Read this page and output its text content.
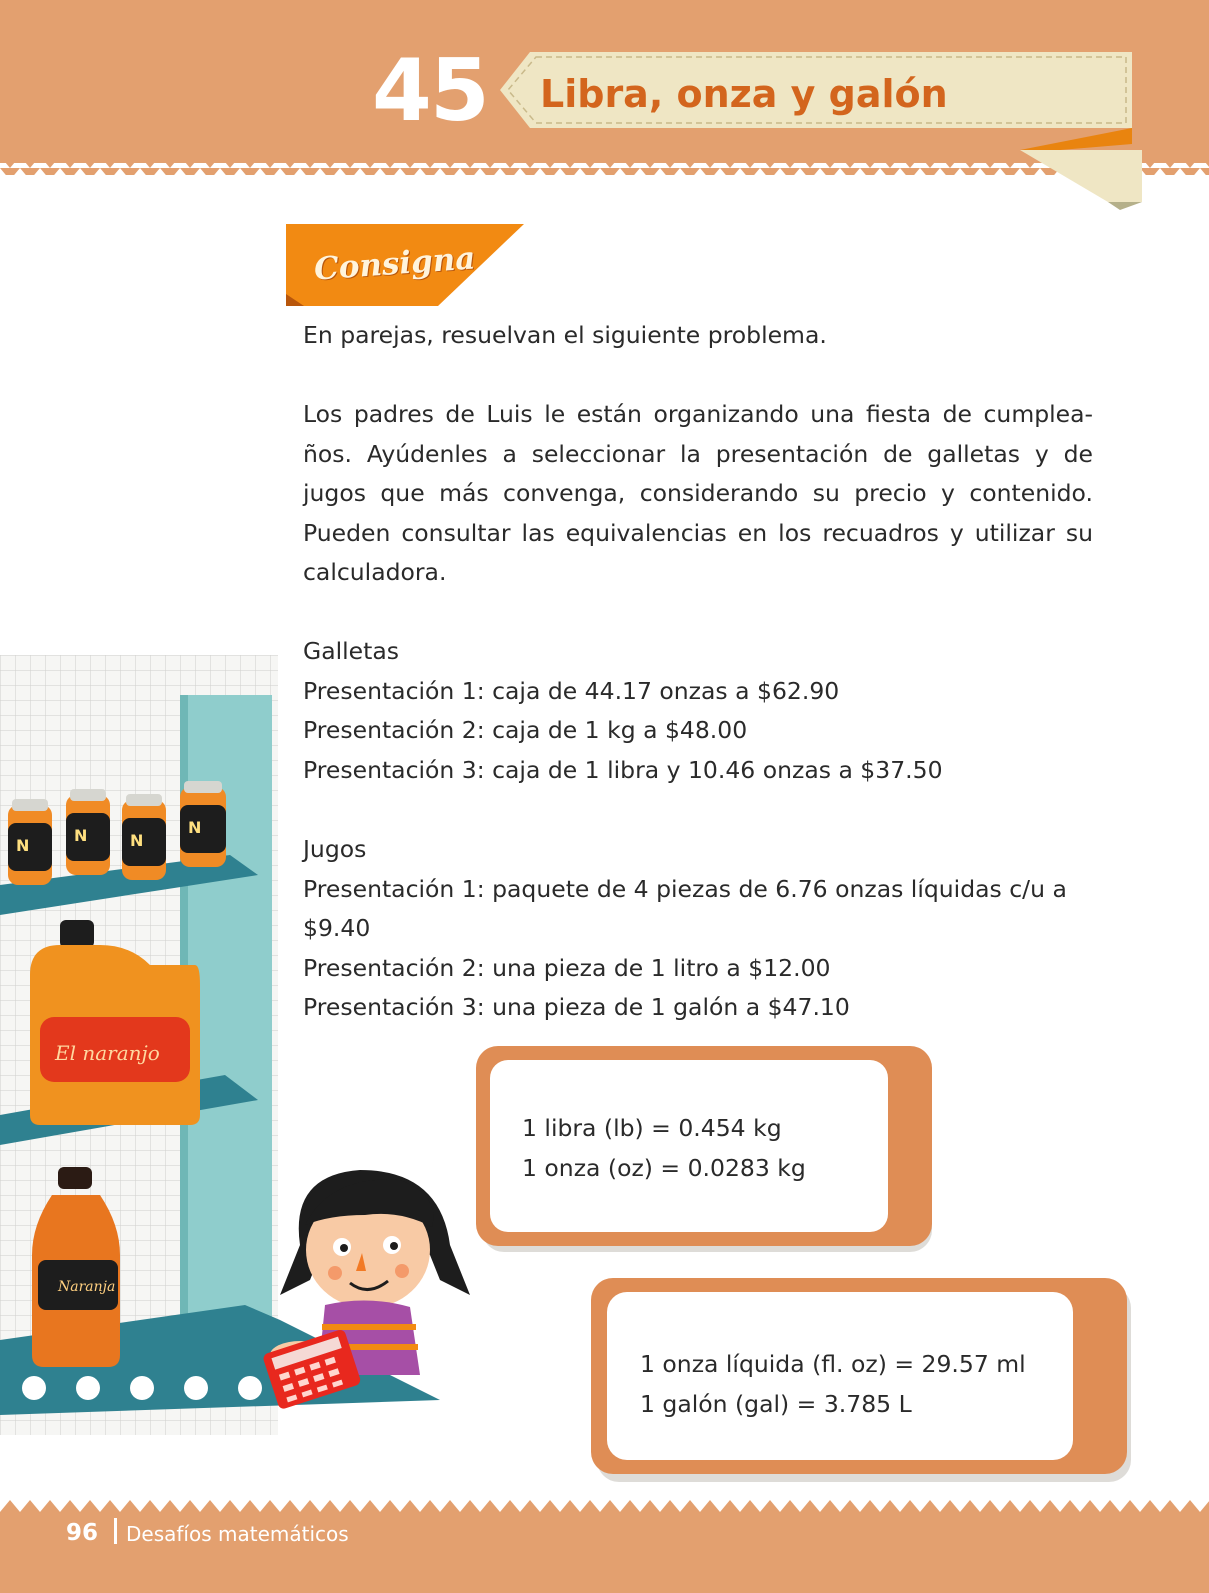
45 Libra, onza y galón
Consigna
En parejas, resuelvan el siguiente problema.
Los padres de Luis le están organizando una fiesta de cumplea-ños. Ayúdenles a seleccionar la presentación de galletas y de jugos que más convenga, considerando su precio y contenido. Pueden consultar las equivalencias en los recuadros y utilizar su calculadora.
Galletas
Presentación 1: caja de 44.17 onzas a $62.90
Presentación 2: caja de 1 kg a $48.00
Presentación 3: caja de 1 libra y 10.46 onzas a $37.50
Jugos
Presentación 1: paquete de 4 piezas de 6.76 onzas líquidas c/u a $9.40
Presentación 2: una pieza de 1 litro a $12.00
Presentación 3: una pieza de 1 galón a $47.10
N
N	N
N
El naranjo
Naranja
1 libra (lb) = 0.454 kg
1 onza (oz) = 0.0283 kg
1 onza líquida (fl. oz) = 29.57 ml
1 galón (gal) = 3.785 L
96 Desafíos matemáticos
